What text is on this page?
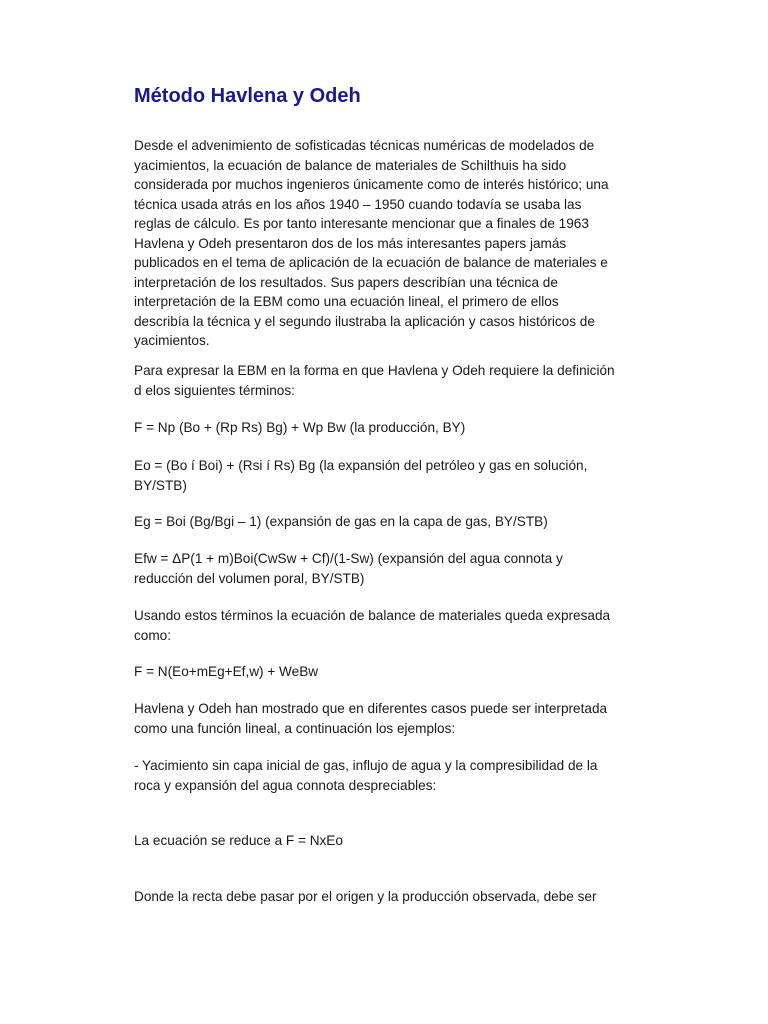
Método Havlena y Odeh

Desde el advenimiento de sofisticadas técnicas numéricas de modelados de
yacimientos, la ecuación de balance de materiales de Schilthuis ha sido
considerada por muchos ingenieros únicamente como de interés histórico; una
técnica usada atrás en los años 1940 – 1950 cuando todavía se usaba las
reglas de cálculo. Es por tanto interesante mencionar que a finales de 1963
Havlena y Odeh presentaron dos de los más interesantes papers jamás
publicados en el tema de aplicación de la ecuación de balance de materiales e
interpretación de los resultados. Sus papers describían una técnica de
interpretación de la EBM como una ecuación lineal, el primero de ellos
describía la técnica y el segundo ilustraba la aplicación y casos históricos de
yacimientos.

Para expresar la EBM en la forma en que Havlena y Odeh requiere la definición
d elos siguientes términos:

F = Np (Bo + (Rp Rs) Bg) + Wp Bw (la producción, BY)

Eo = (Bo í Boi) + (Rsi í Rs) Bg (la expansión del petróleo y gas en solución,
BY/STB)

Eg = Boi (Bg/Bgi – 1) (expansión de gas en la capa de gas, BY/STB)

Efw = ΔP(1 + m)Boi(CwSw + Cf)/(1-Sw) (expansión del agua connota y
reducción del volumen poral, BY/STB)

Usando estos términos la ecuación de balance de materiales queda expresada
como:

F = N(Eo+mEg+Ef,w) + WeBw

Havlena y Odeh han mostrado que en diferentes casos puede ser interpretada
como una función lineal, a continuación los ejemplos:

- Yacimiento sin capa inicial de gas, influjo de agua y la compresibilidad de la
roca y expansión del agua connota despreciables:

La ecuación se reduce a F = NxEo

Donde la recta debe pasar por el origen y la producción observada, debe ser
